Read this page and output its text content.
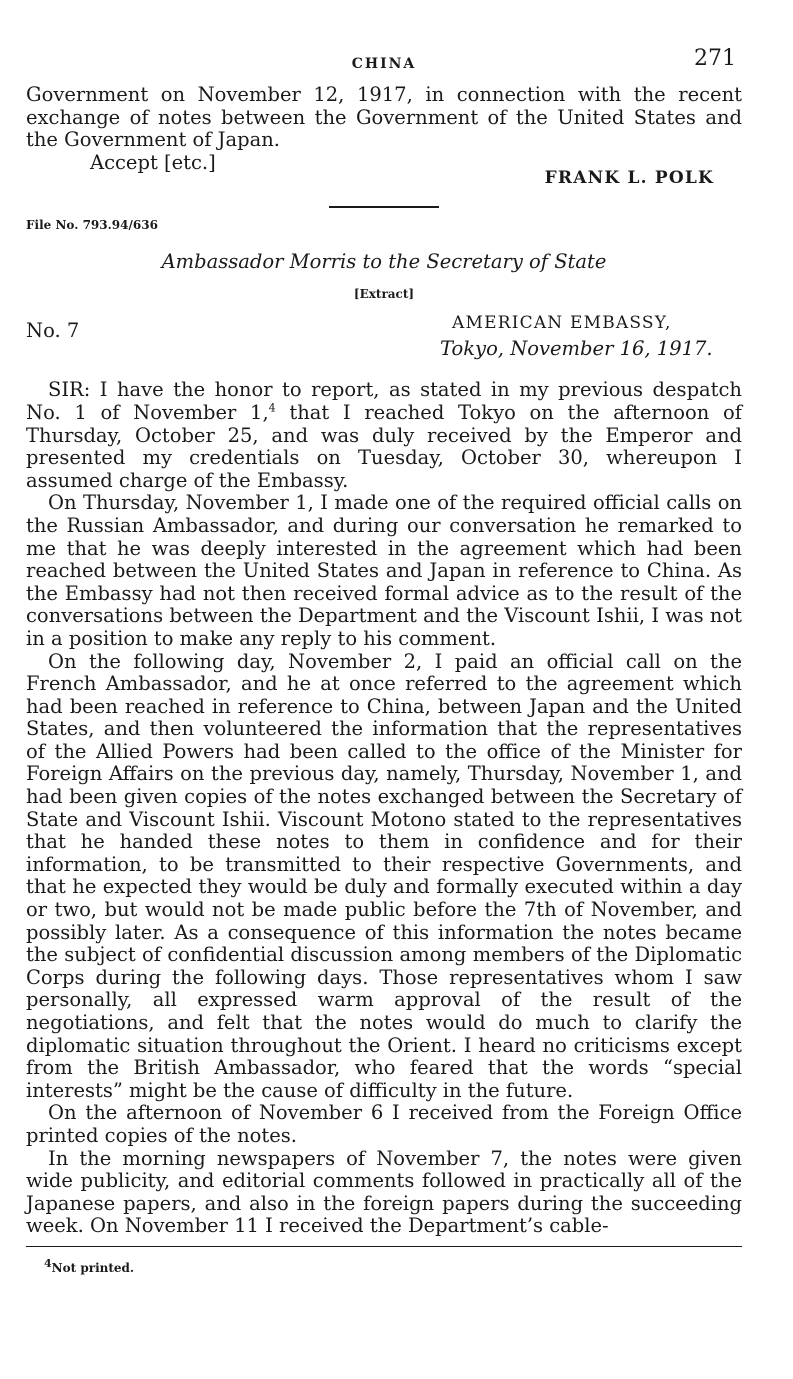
CHINA	271

Government on November 12, 1917, in connection with the recent exchange of notes between the Government of the United States and the Government of Japan.

Accept [etc.]
FRANK L. POLK
File No. 793.94/636
Ambassador Morris to the Secretary of State
[Extract]
No. 7	AMERICAN EMBASSY,
Tokyo, November 16, 1917.

SIR: I have the honor to report, as stated in my previous despatch No. 1 of November 1,$^4$ that I reached Tokyo on the afternoon of Thursday, October 25, and was duly received by the Emperor and presented my credentials on Tuesday, October 30, whereupon I assumed charge of the Embassy.

On Thursday, November 1, I made one of the required official calls on the Russian Ambassador, and during our conversation he remarked to me that he was deeply interested in the agreement which had been reached between the United States and Japan in reference to China. As the Embassy had not then received formal advice as to the result of the conversations between the Department and the Viscount Ishii, I was not in a position to make any reply to his comment.

On the following day, November 2, I paid an official call on the French Ambassador, and he at once referred to the agreement which had been reached in reference to China, between Japan and the United States, and then volunteered the information that the representatives of the Allied Powers had been called to the office of the Minister for Foreign Affairs on the previous day, namely, Thursday, November 1, and had been given copies of the notes exchanged between the Secretary of State and Viscount Ishii. Viscount Motono stated to the representatives that he handed these notes to them in confidence and for their information, to be transmitted to their respective Governments, and that he expected they would be duly and formally executed within a day or two, but would not be made public before the 7th of November, and possibly later. As a consequence of this information the notes became the subject of confidential discussion among members of the Diplomatic Corps during the following days. Those representatives whom I saw personally, all expressed warm approval of the result of the negotiations, and felt that the notes would do much to clarify the diplomatic situation throughout the Orient. I heard no criticisms except from the British Ambassador, who feared that the words “special interests” might be the cause of difficulty in the future.

On the afternoon of November 6 I received from the Foreign Office printed copies of the notes.

In the morning newspapers of November 7, the notes were given wide publicity, and editorial comments followed in practically all of the Japanese papers, and also in the foreign papers during the succeeding week. On November 11 I received the Department’s cable-

$^4$Not printed.
